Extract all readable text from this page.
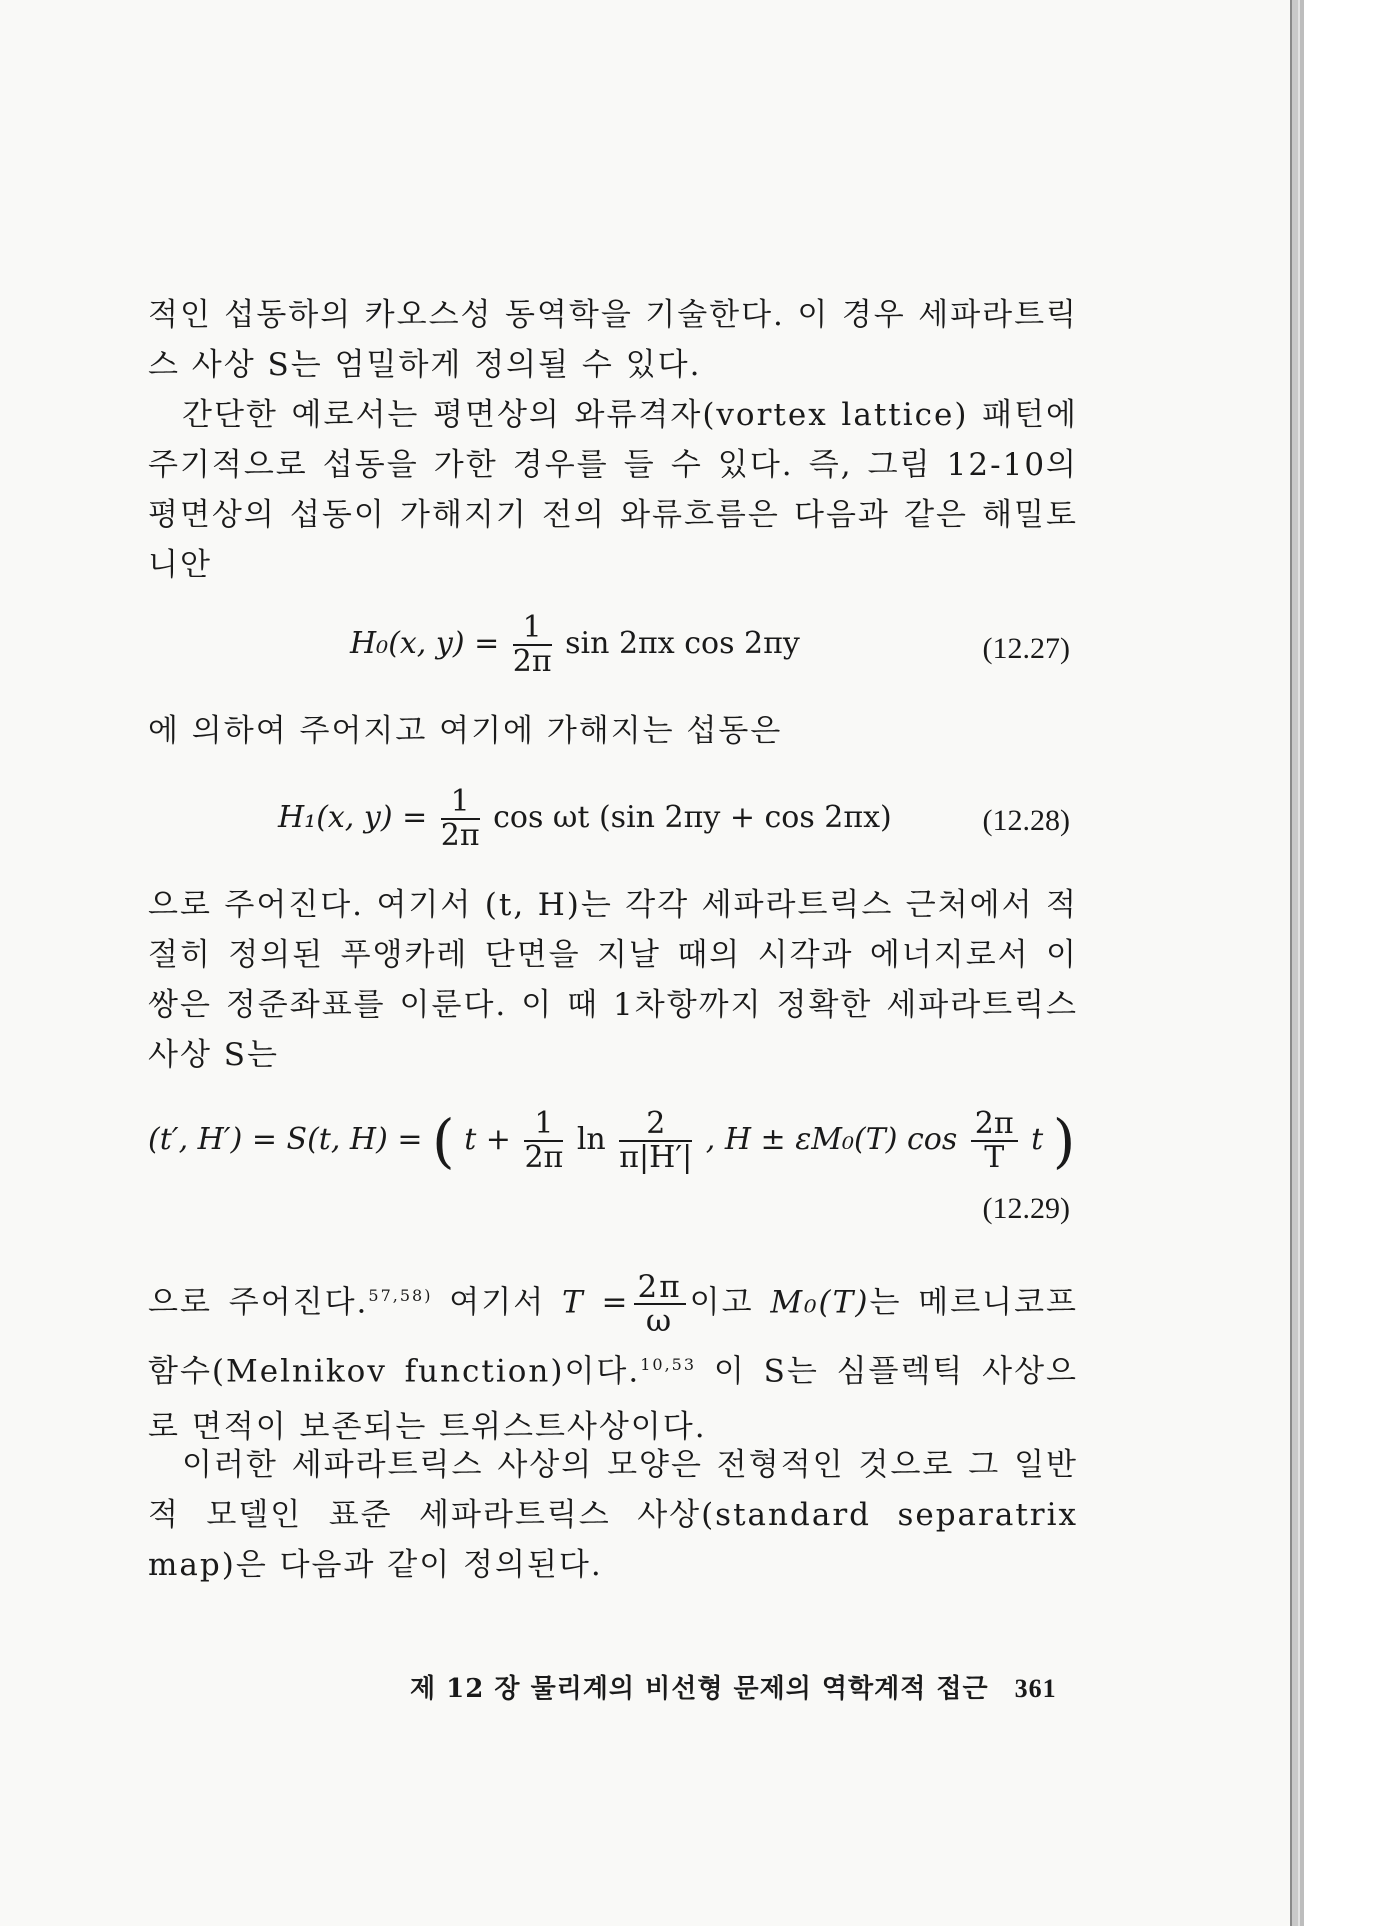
적인 섭동하의 카오스성 동역학을 기술한다. 이 경우 세파라트릭스 사상 S는 엄밀하게 정의될 수 있다.

간단한 예로서는 평면상의 와류격자(vortex lattice) 패턴에 주기적으로 섭동을 가한 경우를 들 수 있다. 즉, 그림 12-10의 평면상의 섭동이 가해지기 전의 와류흐름은 다음과 같은 해밀토니안

H₀(x, $y) = \frac{1}{2\pi}$ sin 2πx cos 2πy	(12.27)

에 의하여 주어지고 여기에 가해지는 섭동은

H₁(x, $y) = \frac{1}{2\pi}$ cos ωt (sin 2πy + cos 2πx)	(12.28)

으로 주어진다. 여기서 (t, H)는 각각 세파라트릭스 근처에서 적절히 정의된 푸앵카레 단면을 지날 때의 시각과 에너지로서 이 쌍은 정준좌표를 이룬다. 이 때 1차항까지 정확한 세파라트릭스 사상 S는

(t′, H′) = S(t, H) = ( $t + \frac{1}{2\pi}$ $\ln \frac{2}{\pi|H'|}$ , H ± εM₀(T) $\cos \frac{2\pi}{T}$ t )
(12.29)

으로 주어진다.$^{57,58)}$ 여기서 $T = \frac{2\pi}{\omega}$ 이고 M₀(T)는 메르니코프 함수(Melnikov function)이다.$^{10,53}$ 이 S는 심플렉틱 사상으로 면적이 보존되는 트위스트사상이다.

이러한 세파라트릭스 사상의 모양은 전형적인 것으로 그 일반적 모델인 표준 세파라트릭스 사상(standard separatrix map)은 다음과 같이 정의된다.

제 12 장 물리계의 비선형 문제의 역학계적 접근 361
